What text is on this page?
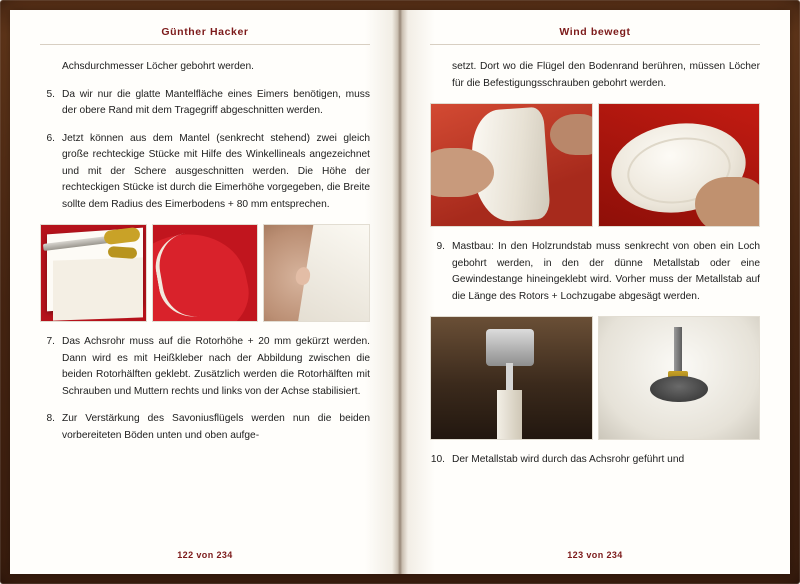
Günther Hacker

Achsdurchmesser Löcher gebohrt werden.

5. Da wir nur die glatte Mantelfläche eines Eimers benötigen, muss der obere Rand mit dem Tragegriff abgeschnitten werden.
6. Jetzt können aus dem Mantel (senkrecht stehend) zwei gleich große rechteckige Stücke mit Hilfe des Winkellineals angezeichnet und mit der Schere ausgeschnitten werden. Die Höhe der rechteckigen Stücke ist durch die Eimerhöhe vorgegeben, die Breite sollte dem Radius des Eimerbodens + 80 mm entsprechen.
7. Das Achsrohr muss auf die Rotorhöhe + 20 mm gekürzt werden. Dann wird es mit Heißkleber nach der Abbildung zwischen die beiden Rotorhälften geklebt. Zusätzlich werden die Rotorhälften mit Schrauben und Muttern rechts und links von der Achse stabilisiert.
8. Zur Verstärkung des Savoniusflügels werden nun die beiden vorbereiteten Böden unten und oben aufge-
122 von 234
Wind bewegt

setzt. Dort wo die Flügel den Bodenrand berühren, müssen Löcher für die Befestigungsschrauben gebohrt werden.

9. Mastbau: In den Holzrundstab muss senkrecht von oben ein Loch gebohrt werden, in den der dünne Metallstab oder eine Gewindestange hineingeklebt wird. Vorher muss der Metallstab auf die Länge des Rotors + Lochzugabe abgesägt werden.
10. Der Metallstab wird durch das Achsrohr geführt und
123 von 234
